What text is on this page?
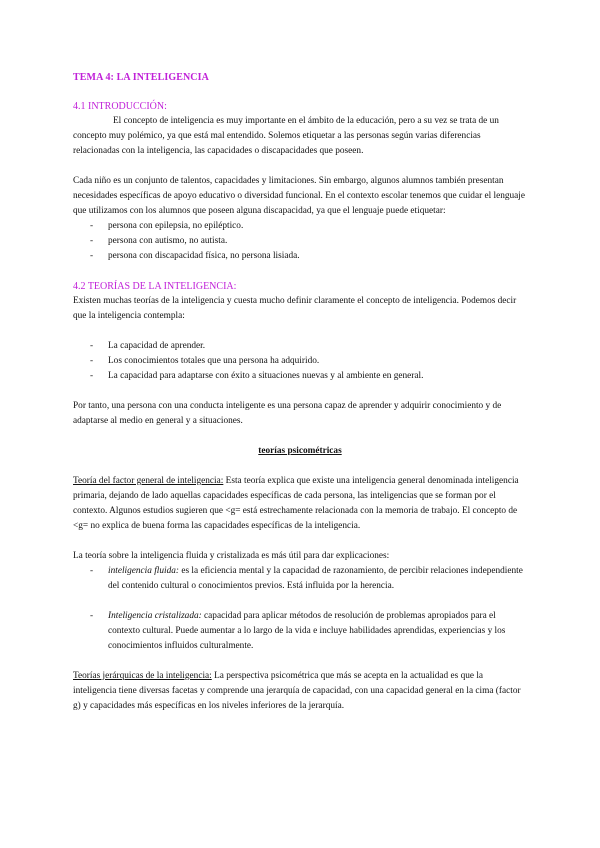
TEMA 4: LA INTELIGENCIA

4.1 INTRODUCCIÓN:

El concepto de inteligencia es muy importante en el ámbito de la educación, pero a su vez se trata de un concepto muy polémico, ya que está mal entendido. Solemos etiquetar a las personas según varias diferencias relacionadas con la inteligencia, las capacidades o discapacidades que poseen.

Cada niño es un conjunto de talentos, capacidades y limitaciones. Sin embargo, algunos alumnos también presentan necesidades específicas de apoyo educativo o diversidad funcional. En el contexto escolar tenemos que cuidar el lenguaje que utilizamos con los alumnos que poseen alguna discapacidad, ya que el lenguaje puede etiquetar:

- persona con epilepsia, no epiléptico.
- persona con autismo, no autista.
- persona con discapacidad física, no persona lisiada.

4.2 TEORÍAS DE LA INTELIGENCIA:

Existen muchas teorías de la inteligencia y cuesta mucho definir claramente el concepto de inteligencia. Podemos decir que la inteligencia contempla:

- La capacidad de aprender.
- Los conocimientos totales que una persona ha adquirido.
- La capacidad para adaptarse con éxito a situaciones nuevas y al ambiente en general.

Por tanto, una persona con una conducta inteligente es una persona capaz de aprender y adquirir conocimiento y de adaptarse al medio en general y a situaciones.

teorías psicométricas

Teoría del factor general de inteligencia: Esta teoría explica que existe una inteligencia general denominada inteligencia primaria, dejando de lado aquellas capacidades específicas de cada persona, las inteligencias que se forman por el contexto. Algunos estudios sugieren que <g= está estrechamente relacionada con la memoria de trabajo. El concepto de <g= no explica de buena forma las capacidades específicas de la inteligencia.

La teoría sobre la inteligencia fluida y cristalizada es más útil para dar explicaciones:

- inteligencia fluida: es la eficiencia mental y la capacidad de razonamiento, de percibir relaciones independiente del contenido cultural o conocimientos previos. Está influida por la herencia.
- Inteligencia cristalizada: capacidad para aplicar métodos de resolución de problemas apropiados para el contexto cultural. Puede aumentar a lo largo de la vida e incluye habilidades aprendidas, experiencias y los conocimientos influidos culturalmente.

Teorías jerárquicas de la inteligencia: La perspectiva psicométrica que más se acepta en la actualidad es que la inteligencia tiene diversas facetas y comprende una jerarquía de capacidad, con una capacidad general en la cima (factor g) y capacidades más específicas en los niveles inferiores de la jerarquía.
